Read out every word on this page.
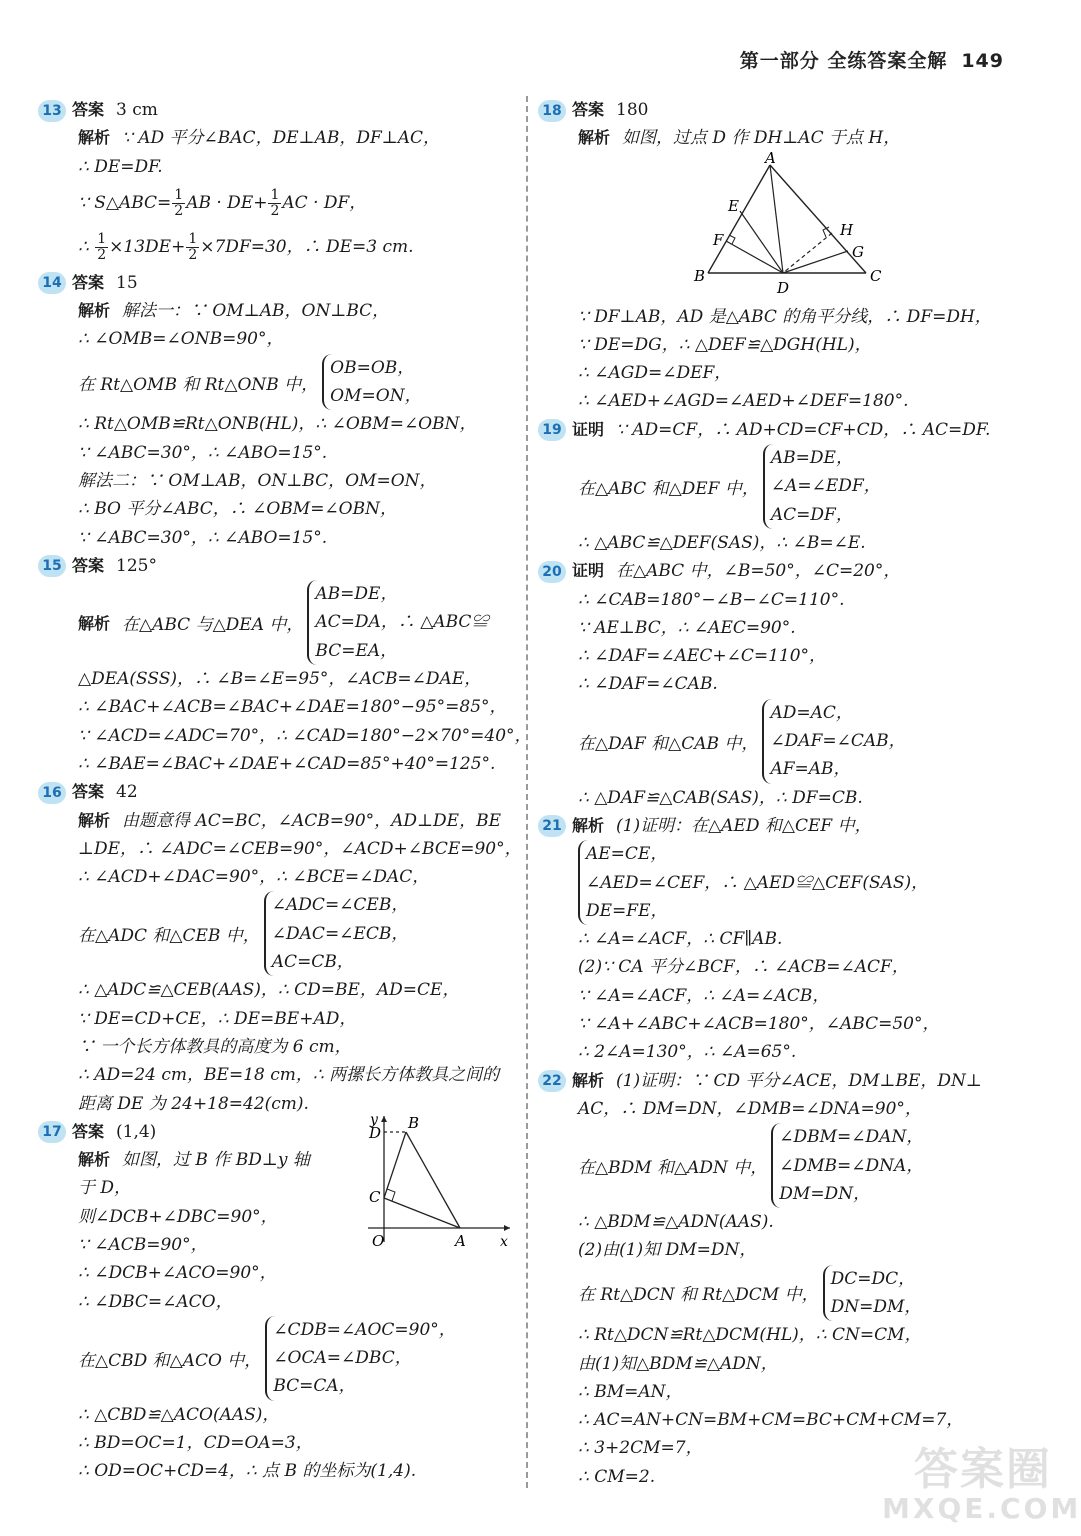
第一部分 全练答案全解 149
13 答案 3 cm
解析 ∵ AD 平分∠BAC，DE⊥AB，DF⊥AC，
∴ DE=DF.
∵ S△ABC= $\frac{1}{2}$ AB · $DE+ \frac{1}{2}$ AC · DF，
∴ $\frac{1}{2} \times 13DE+ \frac{1}{2} \times 7DF=30$，∴ DE=3 cm.
14 答案 15
解析 解法一：∵ OM⊥AB，ON⊥BC，
∴ ∠OMB=∠ONB=90°，
在 Rt△OMB 和 Rt△ONB 中，
OB=OB，
OM=ON，
∴ Rt△OMB≌Rt△ONB(HL)，∴ ∠OBM=∠OBN，
∵ ∠ABC=30°，∴ ∠ABO=15°.
解法二：∵ OM⊥AB，ON⊥BC，OM=ON，
∴ BO 平分∠ABC，∴ ∠OBM=∠OBN，
∵ ∠ABC=30°，∴ ∠ABO=15°.
15 答案 125°
解析 在△ABC 与△DEA 中，
AB=DE，
AC=DA，∴ △ABC≌
BC=EA，
△DEA(SSS)，∴ ∠B=∠E=95°，∠ACB=∠DAE，
∴ ∠BAC+∠ACB=∠BAC+∠DAE=180°−95°=85°，
∵ ∠ACD=∠ADC=70°，∴ ∠CAD=180°−2×70°=40°，
∴ ∠BAE=∠BAC+∠DAE+∠CAD=85°+40°=125°.
16 答案 42
解析 由题意得 AC=BC，∠ACB=90°，AD⊥DE，BE
⊥DE，∴ ∠ADC=∠CEB=90°，∠ACD+∠BCE=90°，
∴ ∠ACD+∠DAC=90°，∴ ∠BCE=∠DAC，
在△ADC 和△CEB 中，
∠ADC=∠CEB，
∠DAC=∠ECB，
AC=CB，
∴ △ADC≌△CEB(AAS)，∴ CD=BE，AD=CE，
∵ DE=CD+CE，∴ DE=BE+AD，
∵ 一个长方体教具的高度为 6 cm，
∴ AD=24 cm，BE=18 cm，∴ 两摞长方体教具之间的
距离 DE 为 24+18=42(cm).
17 答案 (1,4)
解析 如图，过 B 作 BD⊥y 轴
于 D，
则∠DCB+∠DBC=90°，
∵ ∠ACB=90°，
∴ ∠DCB+∠ACO=90°，
∴ ∠DBC=∠ACO，
在△CBD 和△ACO 中，
∠CDB=∠AOC=90°，
∠OCA=∠DBC，
BC=CA，
∴ △CBD≌△ACO(AAS)，
∴ BD=OC=1，CD=OA=3，
∴ OD=OC+CD=4，∴ 点 B 的坐标为(1,4).
y B
D
C
O	A x
18 答案 180
解析 如图，过点 D 作 DH⊥AC 于点 H，
A
E
H
F
G
B
D
C
∵ DF⊥AB，AD 是△ABC 的角平分线，∴ DF=DH，
∵ DE=DG，∴ △DEF≌△DGH(HL)，
∴ ∠AGD=∠DEF，
∴ ∠AED+∠AGD=∠AED+∠DEF=180°.
19 证明 ∵ AD=CF，∴ AD+CD=CF+CD，∴ AC=DF.
在△ABC 和△DEF 中，
AB=DE，
∠A=∠EDF，
AC=DF，
∴ △ABC≌△DEF(SAS)，∴ ∠B=∠E.
20 证明 在△ABC 中，∠B=50°，∠C=20°，
∴ ∠CAB=180°−∠B−∠C=110°.
∵ AE⊥BC，∴ ∠AEC=90°.
∴ ∠DAF=∠AEC+∠C=110°，
∴ ∠DAF=∠CAB.
在△DAF 和△CAB 中，
AD=AC，
∠DAF=∠CAB，
AF=AB，
∴ △DAF≌△CAB(SAS)，∴ DF=CB.
21 解析 (1)证明：在△AED 和△CEF 中，
AE=CE，
∠AED=∠CEF，∴ △AED≌△CEF(SAS)，
DE=FE，
∴ ∠A=∠ACF，∴ CF∥AB.
(2)∵ CA 平分∠BCF，∴ ∠ACB=∠ACF，
∵ ∠A=∠ACF，∴ ∠A=∠ACB，
∵ ∠A+∠ABC+∠ACB=180°，∠ABC=50°，
∴ 2∠A=130°，∴ ∠A=65°.
22 解析 (1)证明：∵ CD 平分∠ACE，DM⊥BE，DN⊥
AC，∴ DM=DN，∠DMB=∠DNA=90°，
在△BDM 和△ADN 中，
∠DBM=∠DAN，
∠DMB=∠DNA，
DM=DN，
∴ △BDM≌△ADN(AAS).
(2)由(1)知 DM=DN，
在 Rt△DCN 和 Rt△DCM 中，
DC=DC，
DN=DM，
∴ Rt△DCN≌Rt△DCM(HL)，∴ CN=CM，
由(1)知△BDM≌△ADN，
∴ BM=AN，
∴ AC=AN+CN=BM+CM=BC+CM+CM=7，
∴ 3+2CM=7，
∴ CM=2.	答案圈
MXQE.COM
